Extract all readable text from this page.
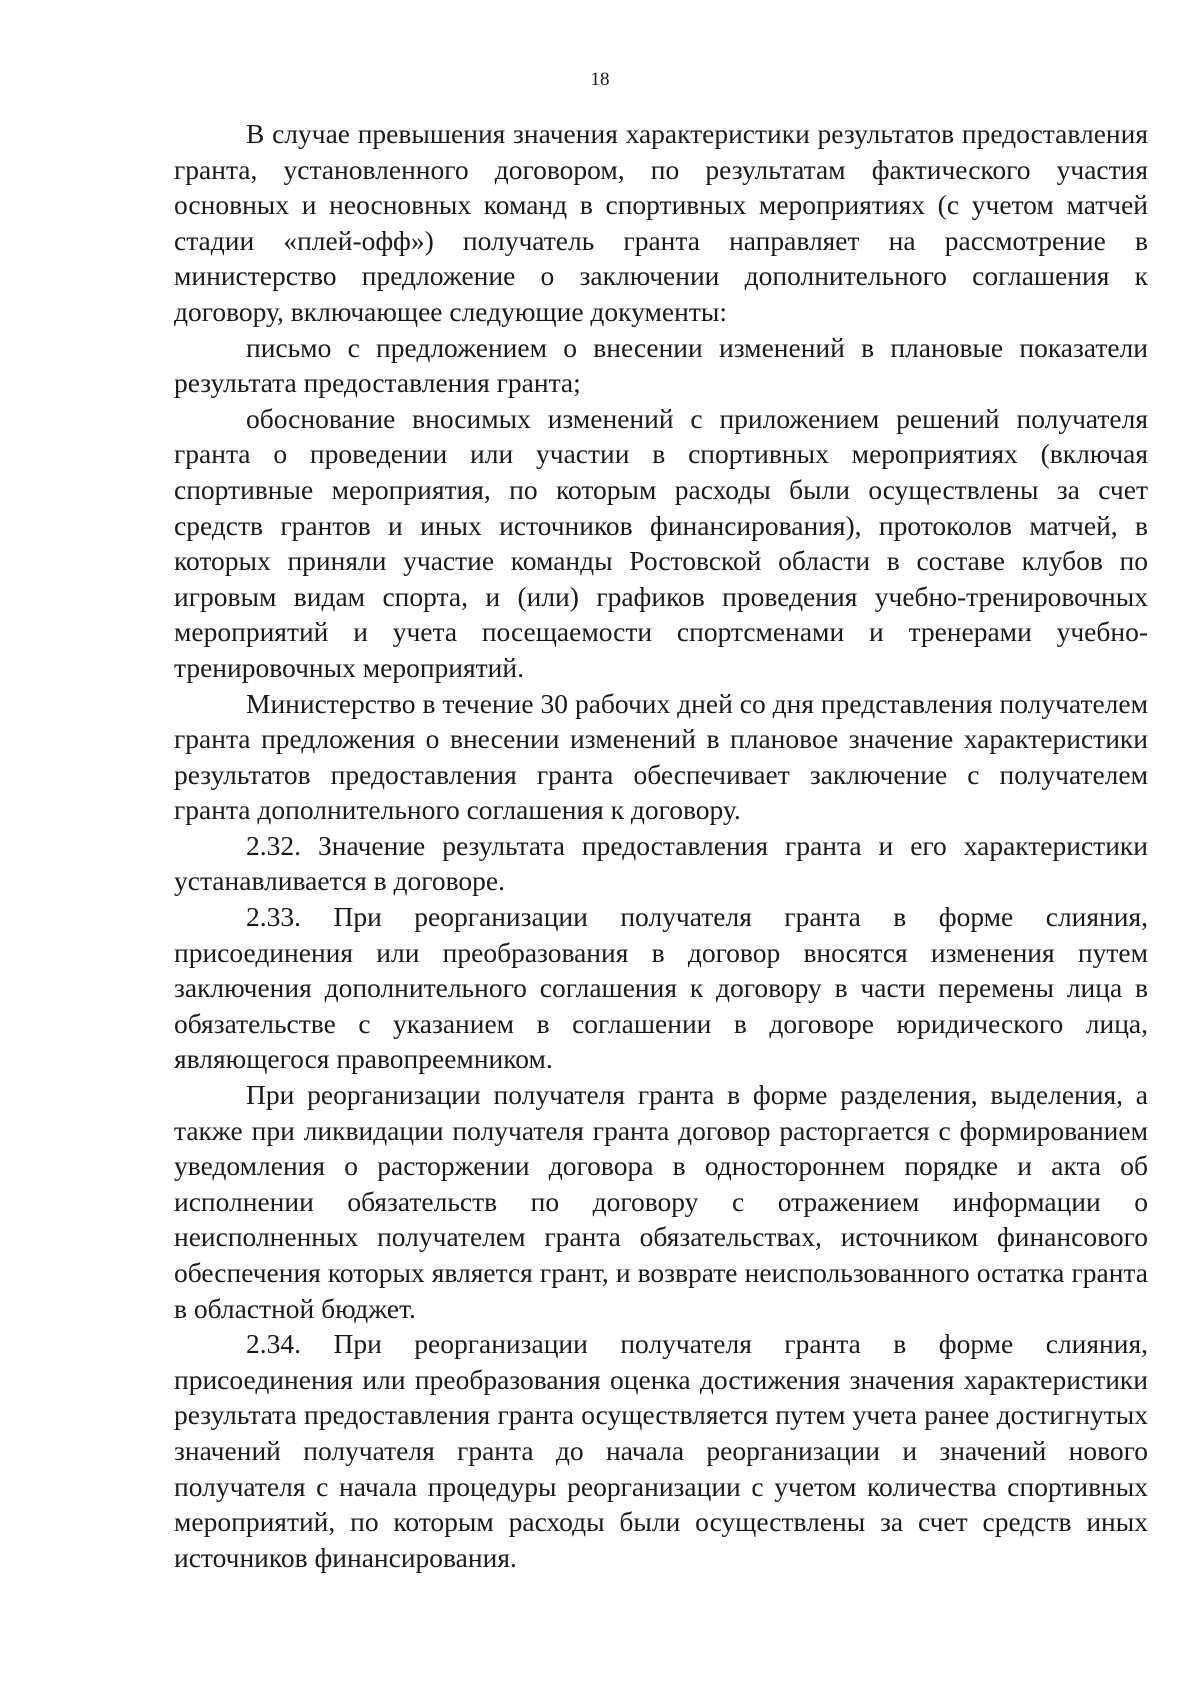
18

В случае превышения значения характеристики результатов предоставления гранта, установленного договором, по результатам фактического участия основных и неосновных команд в спортивных мероприятиях (с учетом матчей стадии «плей-офф») получатель гранта направляет на рассмотрение в министерство предложение о заключении дополнительного соглашения к договору, включающее следующие документы:

письмо с предложением о внесении изменений в плановые показатели результата предоставления гранта;

обоснование вносимых изменений с приложением решений получателя гранта о проведении или участии в спортивных мероприятиях (включая спортивные мероприятия, по которым расходы были осуществлены за счет средств грантов и иных источников финансирования), протоколов матчей, в которых приняли участие команды Ростовской области в составе клубов по игровым видам спорта, и (или) графиков проведения учебно-тренировочных мероприятий и учета посещаемости спортсменами и тренерами учебно-тренировочных мероприятий.

Министерство в течение 30 рабочих дней со дня представления получателем гранта предложения о внесении изменений в плановое значение характеристики результатов предоставления гранта обеспечивает заключение с получателем гранта дополнительного соглашения к договору.

2.32. Значение результата предоставления гранта и его характеристики устанавливается в договоре.

2.33. При реорганизации получателя гранта в форме слияния, присоединения или преобразования в договор вносятся изменения путем заключения дополнительного соглашения к договору в части перемены лица в обязательстве с указанием в соглашении в договоре юридического лица, являющегося правопреемником.

При реорганизации получателя гранта в форме разделения, выделения, а также при ликвидации получателя гранта договор расторгается с формированием уведомления о расторжении договора в одностороннем порядке и акта об исполнении обязательств по договору с отражением информации о неисполненных получателем гранта обязательствах, источником финансового обеспечения которых является грант, и возврате неиспользованного остатка гранта в областной бюджет.

2.34. При реорганизации получателя гранта в форме слияния, присоединения или преобразования оценка достижения значения характеристики результата предоставления гранта осуществляется путем учета ранее достигнутых значений получателя гранта до начала реорганизации и значений нового получателя с начала процедуры реорганизации с учетом количества спортивных мероприятий, по которым расходы были осуществлены за счет средств иных источников финансирования.
